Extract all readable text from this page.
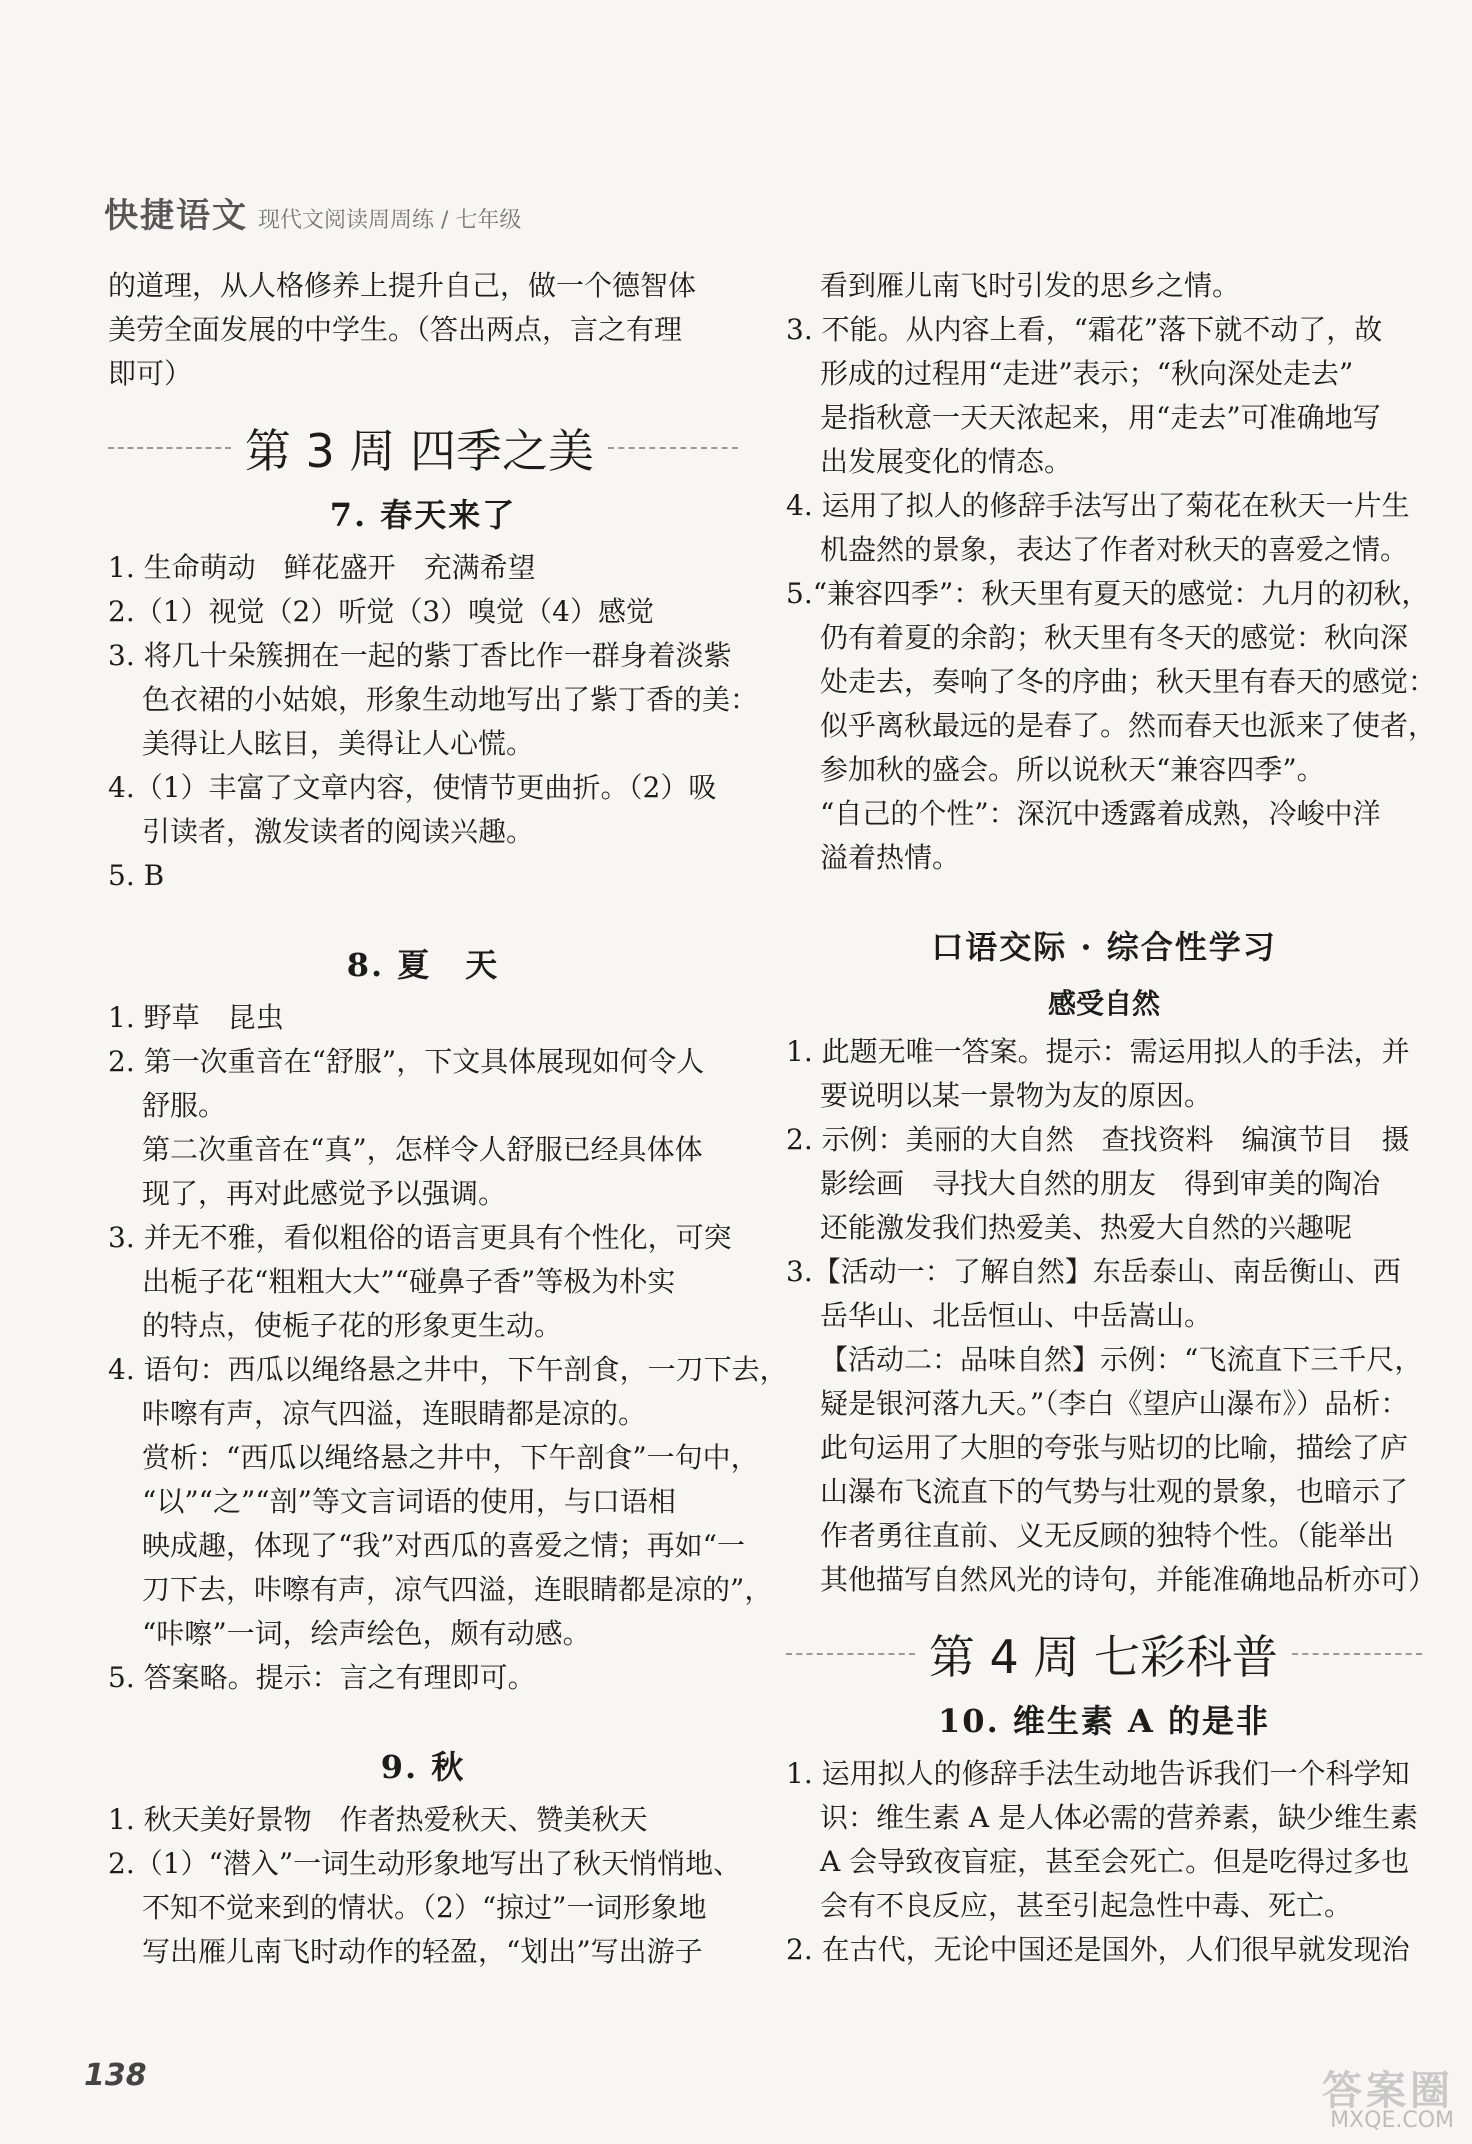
快捷语文 现代文阅读周周练 / 七年级
的道理，从人格修养上提升自己，做一个德智体
美劳全面发展的中学生。（答出两点，言之有理
即可）
第 3 周 四季之美
7. 春天来了
1. 生命萌动　鲜花盛开　充满希望
2.（1）视觉（2）听觉（3）嗅觉（4）感觉
3. 将几十朵簇拥在一起的紫丁香比作一群身着淡紫
色衣裙的小姑娘，形象生动地写出了紫丁香的美：
美得让人眩目，美得让人心慌。
4.（1）丰富了文章内容，使情节更曲折。（2）吸
引读者，激发读者的阅读兴趣。
5. B
8. 夏　天
1. 野草　昆虫
2. 第一次重音在“舒服”，下文具体展现如何令人
舒服。
第二次重音在“真”，怎样令人舒服已经具体体
现了，再对此感觉予以强调。
3. 并无不雅，看似粗俗的语言更具有个性化，可突
出栀子花“粗粗大大”“碰鼻子香”等极为朴实
的特点，使栀子花的形象更生动。
4. 语句：西瓜以绳络悬之井中，下午剖食，一刀下去，
咔嚓有声，凉气四溢，连眼睛都是凉的。
赏析：“西瓜以绳络悬之井中，下午剖食”一句中，
“以”“之”“剖”等文言词语的使用，与口语相
映成趣，体现了“我”对西瓜的喜爱之情；再如“一
刀下去，咔嚓有声，凉气四溢，连眼睛都是凉的”，
“咔嚓”一词，绘声绘色，颇有动感。
5. 答案略。提示：言之有理即可。
9. 秋
1. 秋天美好景物　作者热爱秋天、赞美秋天
2.（1）“潜入”一词生动形象地写出了秋天悄悄地、
不知不觉来到的情状。（2）“掠过”一词形象地
写出雁儿南飞时动作的轻盈，“划出”写出游子
看到雁儿南飞时引发的思乡之情。
3. 不能。从内容上看，“霜花”落下就不动了，故
形成的过程用“走进”表示；“秋向深处走去”
是指秋意一天天浓起来，用“走去”可准确地写
出发展变化的情态。
4. 运用了拟人的修辞手法写出了菊花在秋天一片生
机盎然的景象，表达了作者对秋天的喜爱之情。
5.“兼容四季”：秋天里有夏天的感觉：九月的初秋，
仍有着夏的余韵；秋天里有冬天的感觉：秋向深
处走去，奏响了冬的序曲；秋天里有春天的感觉：
似乎离秋最远的是春了。然而春天也派来了使者，
参加秋的盛会。所以说秋天“兼容四季”。
“自己的个性”：深沉中透露着成熟，冷峻中洋
溢着热情。
口语交际 · 综合性学习
感受自然
1. 此题无唯一答案。提示：需运用拟人的手法，并
要说明以某一景物为友的原因。
2. 示例：美丽的大自然　查找资料　编演节目　摄
影绘画　寻找大自然的朋友　得到审美的陶冶
还能激发我们热爱美、热爱大自然的兴趣呢
3.【活动一：了解自然】东岳泰山、南岳衡山、西
岳华山、北岳恒山、中岳嵩山。
【活动二：品味自然】示例：“飞流直下三千尺，
疑是银河落九天。”（李白《望庐山瀑布》）品析：
此句运用了大胆的夸张与贴切的比喻，描绘了庐
山瀑布飞流直下的气势与壮观的景象，也暗示了
作者勇往直前、义无反顾的独特个性。（能举出
其他描写自然风光的诗句，并能准确地品析亦可）
第 4 周 七彩科普
10. 维生素 A 的是非
1. 运用拟人的修辞手法生动地告诉我们一个科学知
识：维生素 A 是人体必需的营养素，缺少维生素
A 会导致夜盲症，甚至会死亡。但是吃得过多也
会有不良反应，甚至引起急性中毒、死亡。
2. 在古代，无论中国还是国外，人们很早就发现治
138	答案圈
MXQE.COM
